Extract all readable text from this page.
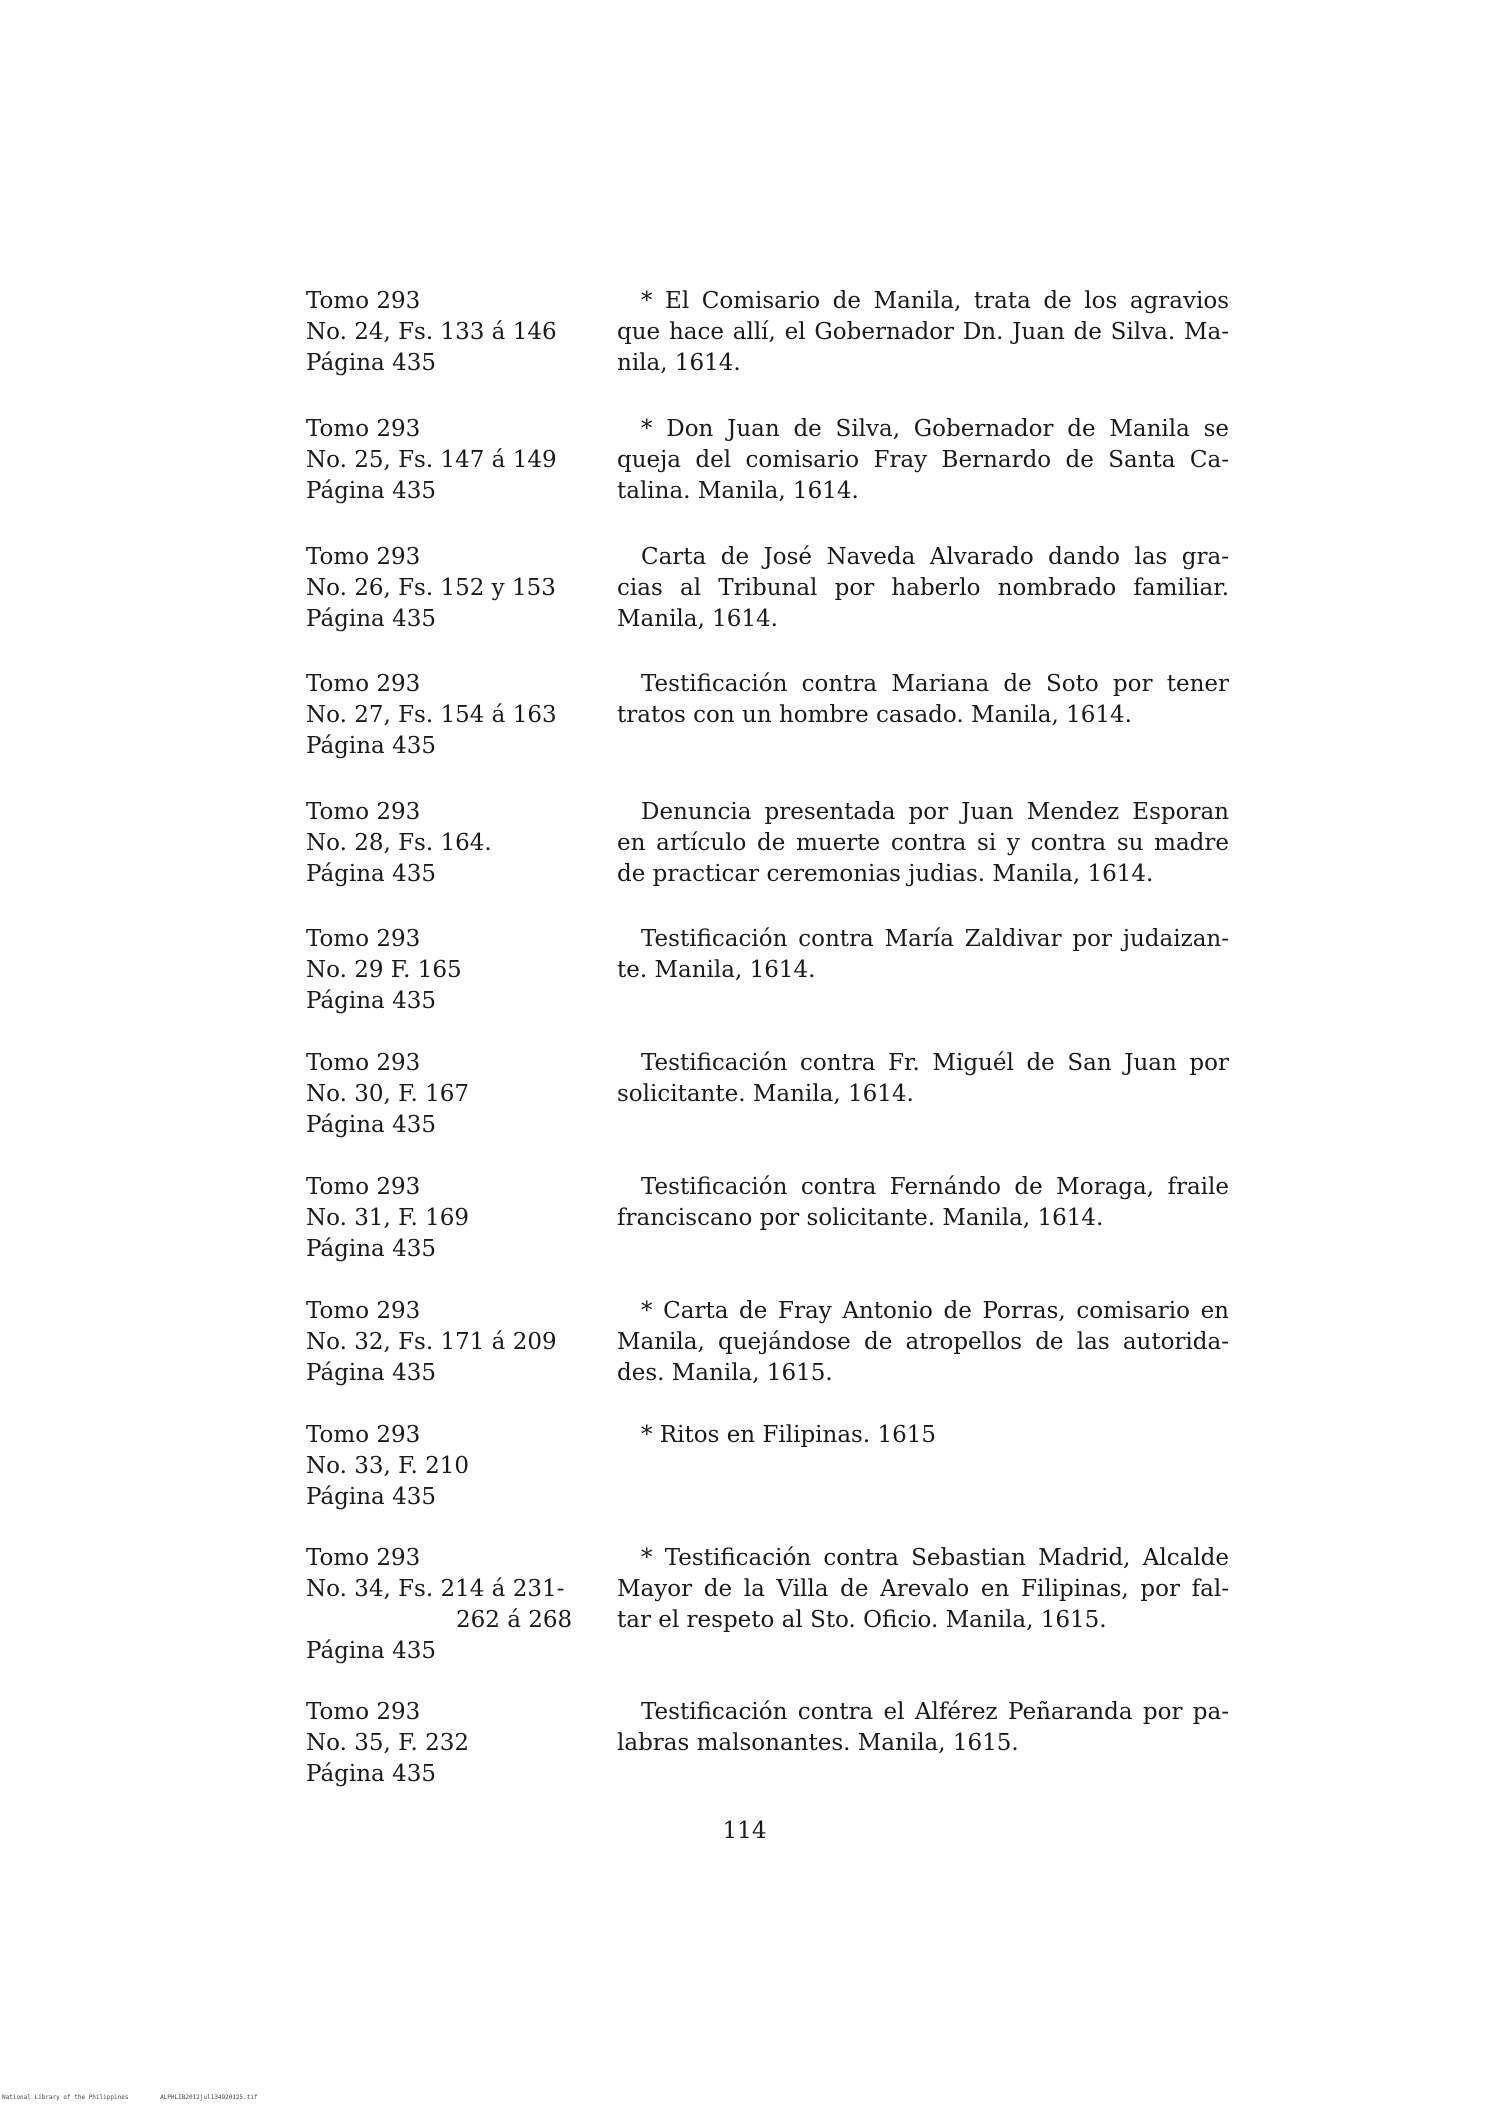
Tomo 293
No. 24, Fs. 133 á 146
Página 435
* El Comisario de Manila, trata de los agravios
que hace allí, el Gobernador Dn. Juan de Silva. Ma-
nila, 1614.
Tomo 293
No. 25, Fs. 147 á 149
Página 435
* Don Juan de Silva, Gobernador de Manila se
queja del comisario Fray Bernardo de Santa Ca-
talina. Manila, 1614.
Tomo 293
No. 26, Fs. 152 y 153
Página 435
Carta de José Naveda Alvarado dando las gra-
cias al Tribunal por haberlo nombrado familiar.
Manila, 1614.
Tomo 293
No. 27, Fs. 154 á 163
Página 435
Testificación contra Mariana de Soto por tener
tratos con un hombre casado. Manila, 1614.
Tomo 293
No. 28, Fs. 164.
Página 435
Denuncia presentada por Juan Mendez Esporan
en artículo de muerte contra si y contra su madre
de practicar ceremonias judias. Manila, 1614.
Tomo 293
No. 29 F. 165
Página 435
Testificación contra María Zaldivar por judaizan-
te. Manila, 1614.
Tomo 293
No. 30, F. 167
Página 435
Testificación contra Fr. Miguél de San Juan por
solicitante. Manila, 1614.
Tomo 293
No. 31, F. 169
Página 435
Testificación contra Fernándo de Moraga, fraile
franciscano por solicitante. Manila, 1614.
Tomo 293
No. 32, Fs. 171 á 209
Página 435
* Carta de Fray Antonio de Porras, comisario en
Manila, quejándose de atropellos de las autorida-
des. Manila, 1615.
Tomo 293
No. 33, F. 210
Página 435
* Ritos en Filipinas. 1615
Tomo 293
No. 34, Fs. 214 á 231-
262 á 268
Página 435
* Testificación contra Sebastian Madrid, Alcalde
Mayor de la Villa de Arevalo en Filipinas, por fal-
tar el respeto al Sto. Oficio. Manila, 1615.
Tomo 293
No. 35, F. 232
Página 435
Testificación contra el Alférez Peñaranda por pa-
labras malsonantes. Manila, 1615.
114
National Library of the Philippines	ALPHLIB2012jul134920125.tif
